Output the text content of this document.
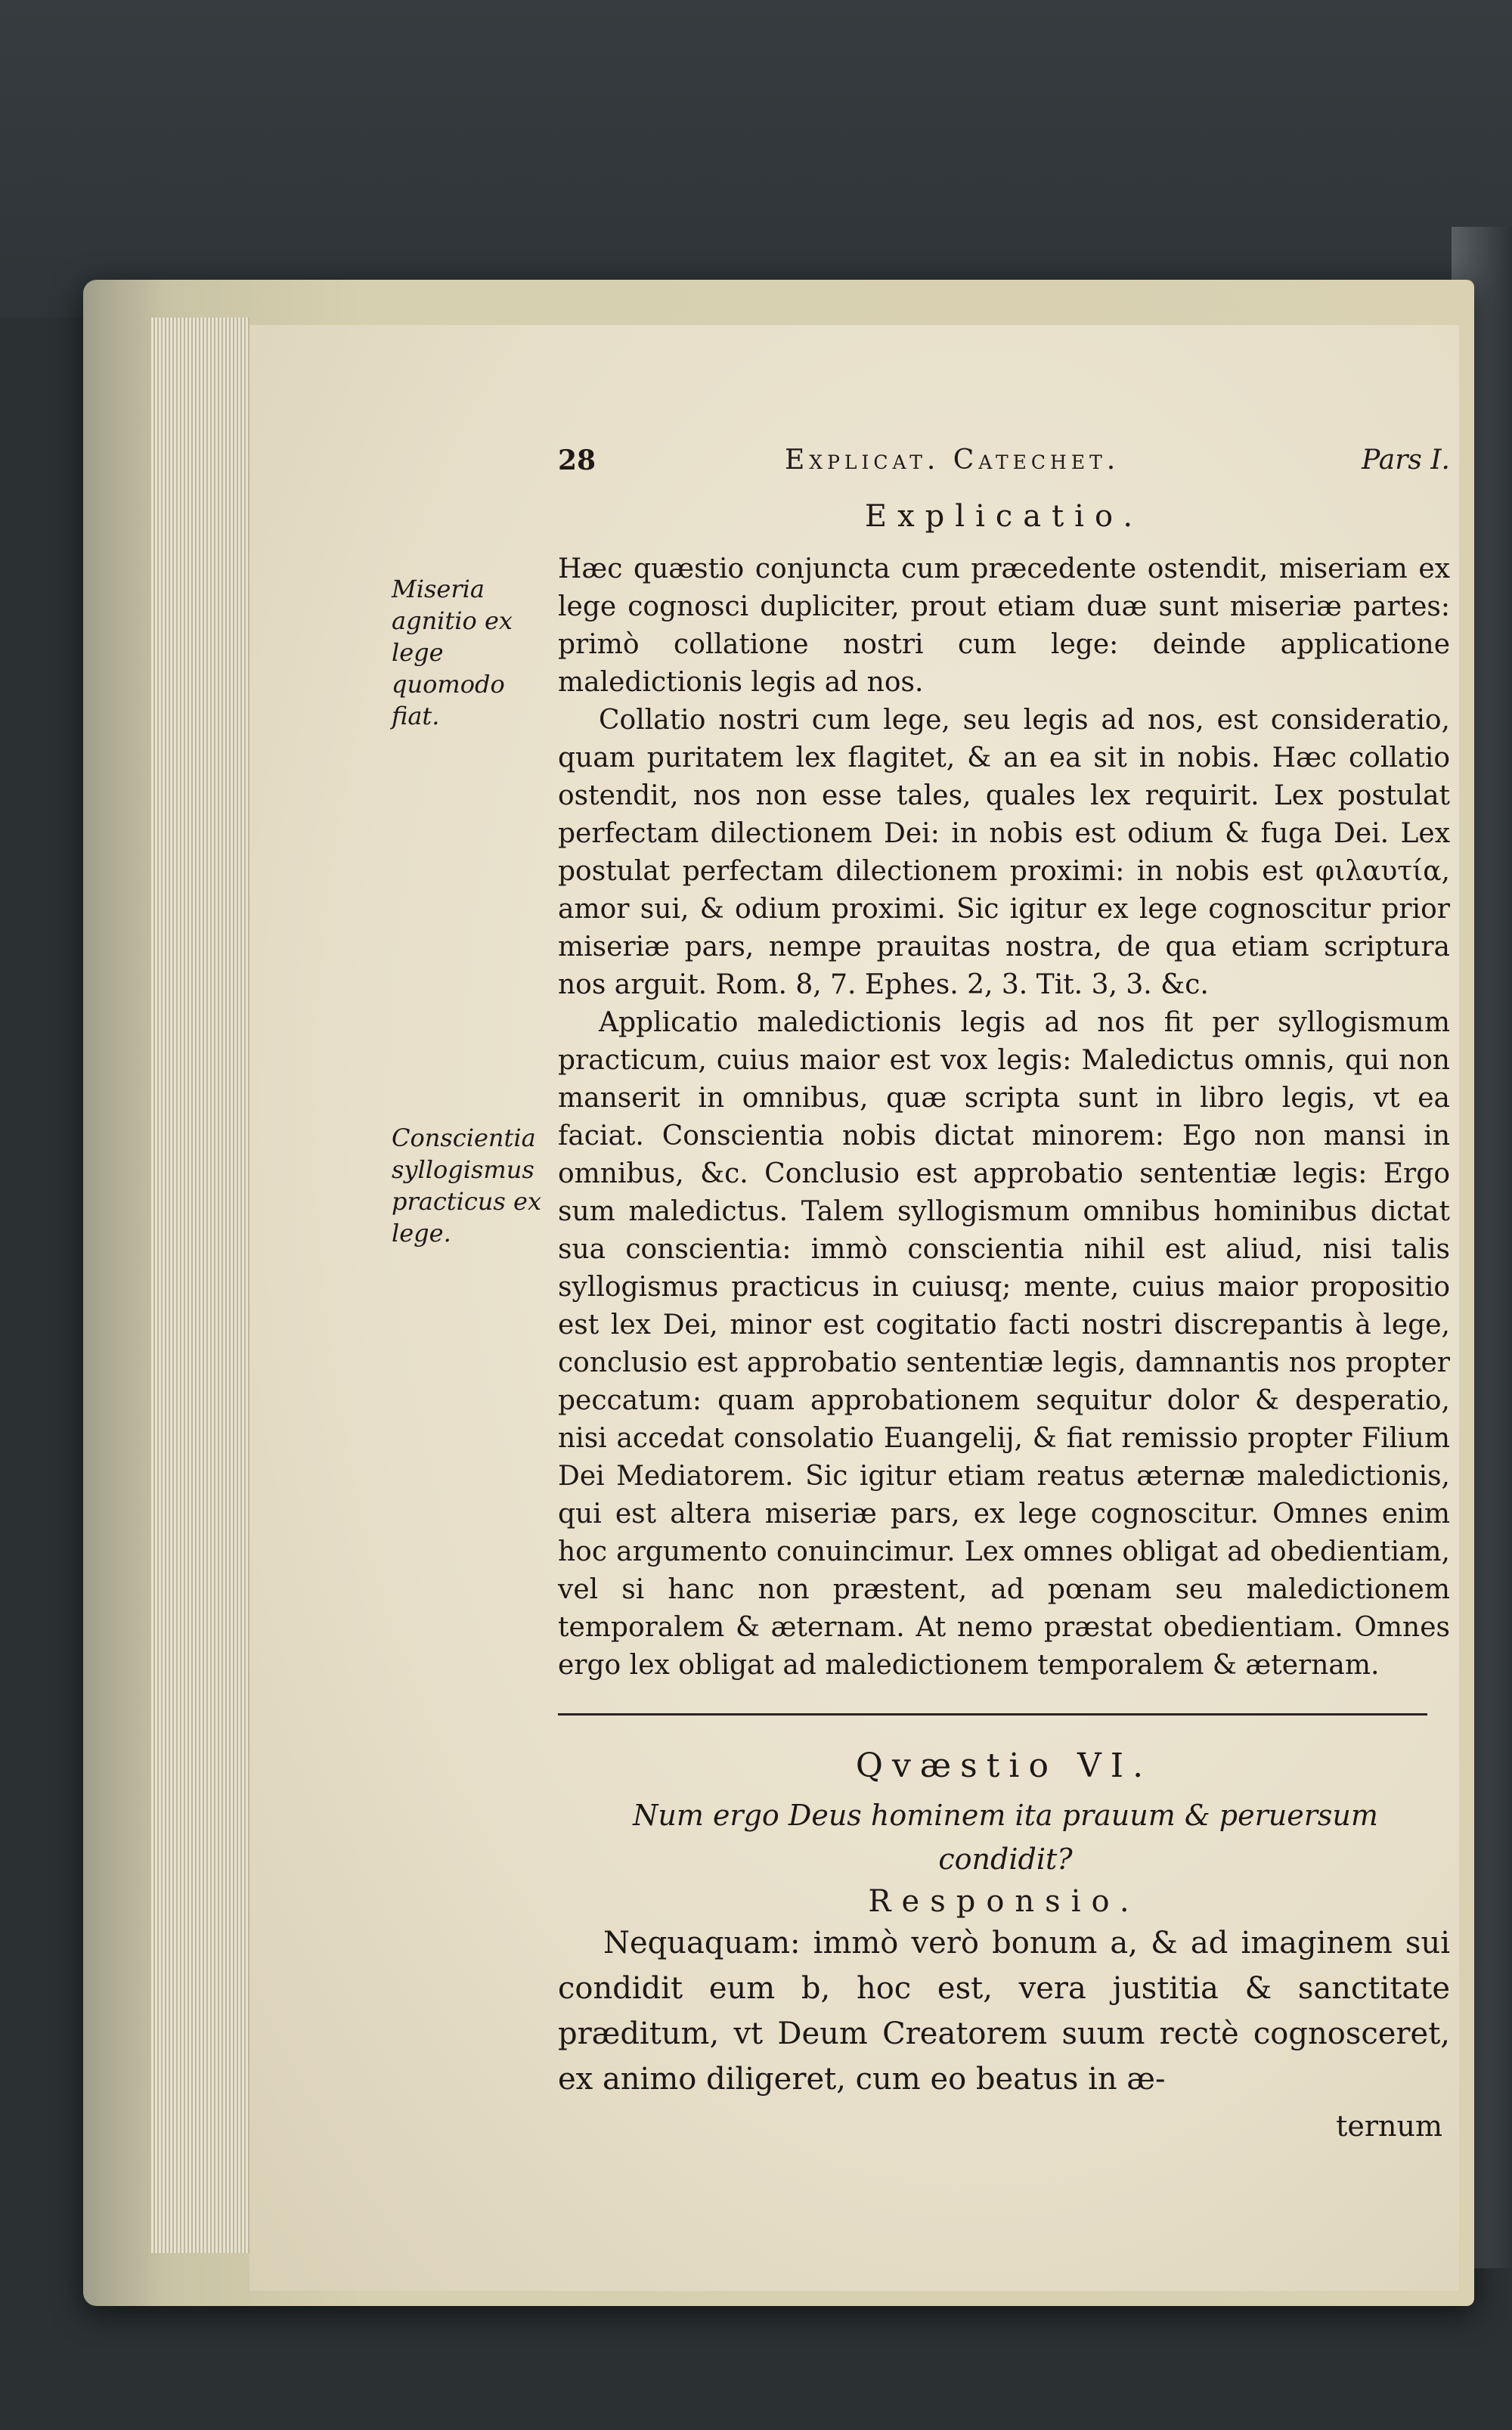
28	Explicat. Catechet.	Pars I.
Explicatio.
Miseria agnitio ex lege quomodo fiat.
Conscientia syllogismus practicus ex lege.

Hæc quæstio conjuncta cum præcedente ostendit, miseriam ex lege cognosci dupliciter, prout etiam duæ sunt miseriæ partes: primò collatione nostri cum lege: deinde applicatione maledictionis legis ad nos.

Collatio nostri cum lege, seu legis ad nos, est consideratio, quam puritatem lex flagitet, & an ea sit in nobis. Hæc collatio ostendit, nos non esse tales, quales lex requirit. Lex postulat perfectam dilectionem Dei: in nobis est odium & fuga Dei. Lex postulat perfectam dilectionem proximi: in nobis est φιλαυτία, amor sui, & odium proximi. Sic igitur ex lege cognoscitur prior miseriæ pars, nempe prauitas nostra, de qua etiam scriptura nos arguit. Rom. 8, 7. Ephes. 2, 3. Tit. 3, 3. &c.

Applicatio maledictionis legis ad nos fit per syllogismum practicum, cuius maior est vox legis: Maledictus omnis, qui non manserit in omnibus, quæ scripta sunt in libro legis, vt ea faciat. Conscientia nobis dictat minorem: Ego non mansi in omnibus, &c. Conclusio est approbatio sententiæ legis: Ergo sum maledictus. Talem syllogismum omnibus hominibus dictat sua conscientia: immò conscientia nihil est aliud, nisi talis syllogismus practicus in cuiusq; mente, cuius maior propositio est lex Dei, minor est cogitatio facti nostri discrepantis à lege, conclusio est approbatio sententiæ legis, damnantis nos propter peccatum: quam approbationem sequitur dolor & desperatio, nisi accedat consolatio Euangelij, & fiat remissio propter Filium Dei Mediatorem. Sic igitur etiam reatus æternæ maledictionis, qui est altera miseriæ pars, ex lege cognoscitur. Omnes enim hoc argumento conuincimur. Lex omnes obligat ad obedientiam, vel si hanc non præstent, ad pœnam seu maledictionem temporalem & æternam. At nemo præstat obedientiam. Omnes ergo lex obligat ad maledictionem temporalem & æternam.

Qvæstio VI.
Num ergo Deus hominem ita prauum & peruersum condidit?
Responsio.

Nequaquam: immò verò bonum a, & ad imaginem sui condidit eum b, hoc est, vera justitia & sanctitate præditum, vt Deum Creatorem suum rectè cognosceret, ex animo diligeret, cum eo beatus in æ-

ternum
